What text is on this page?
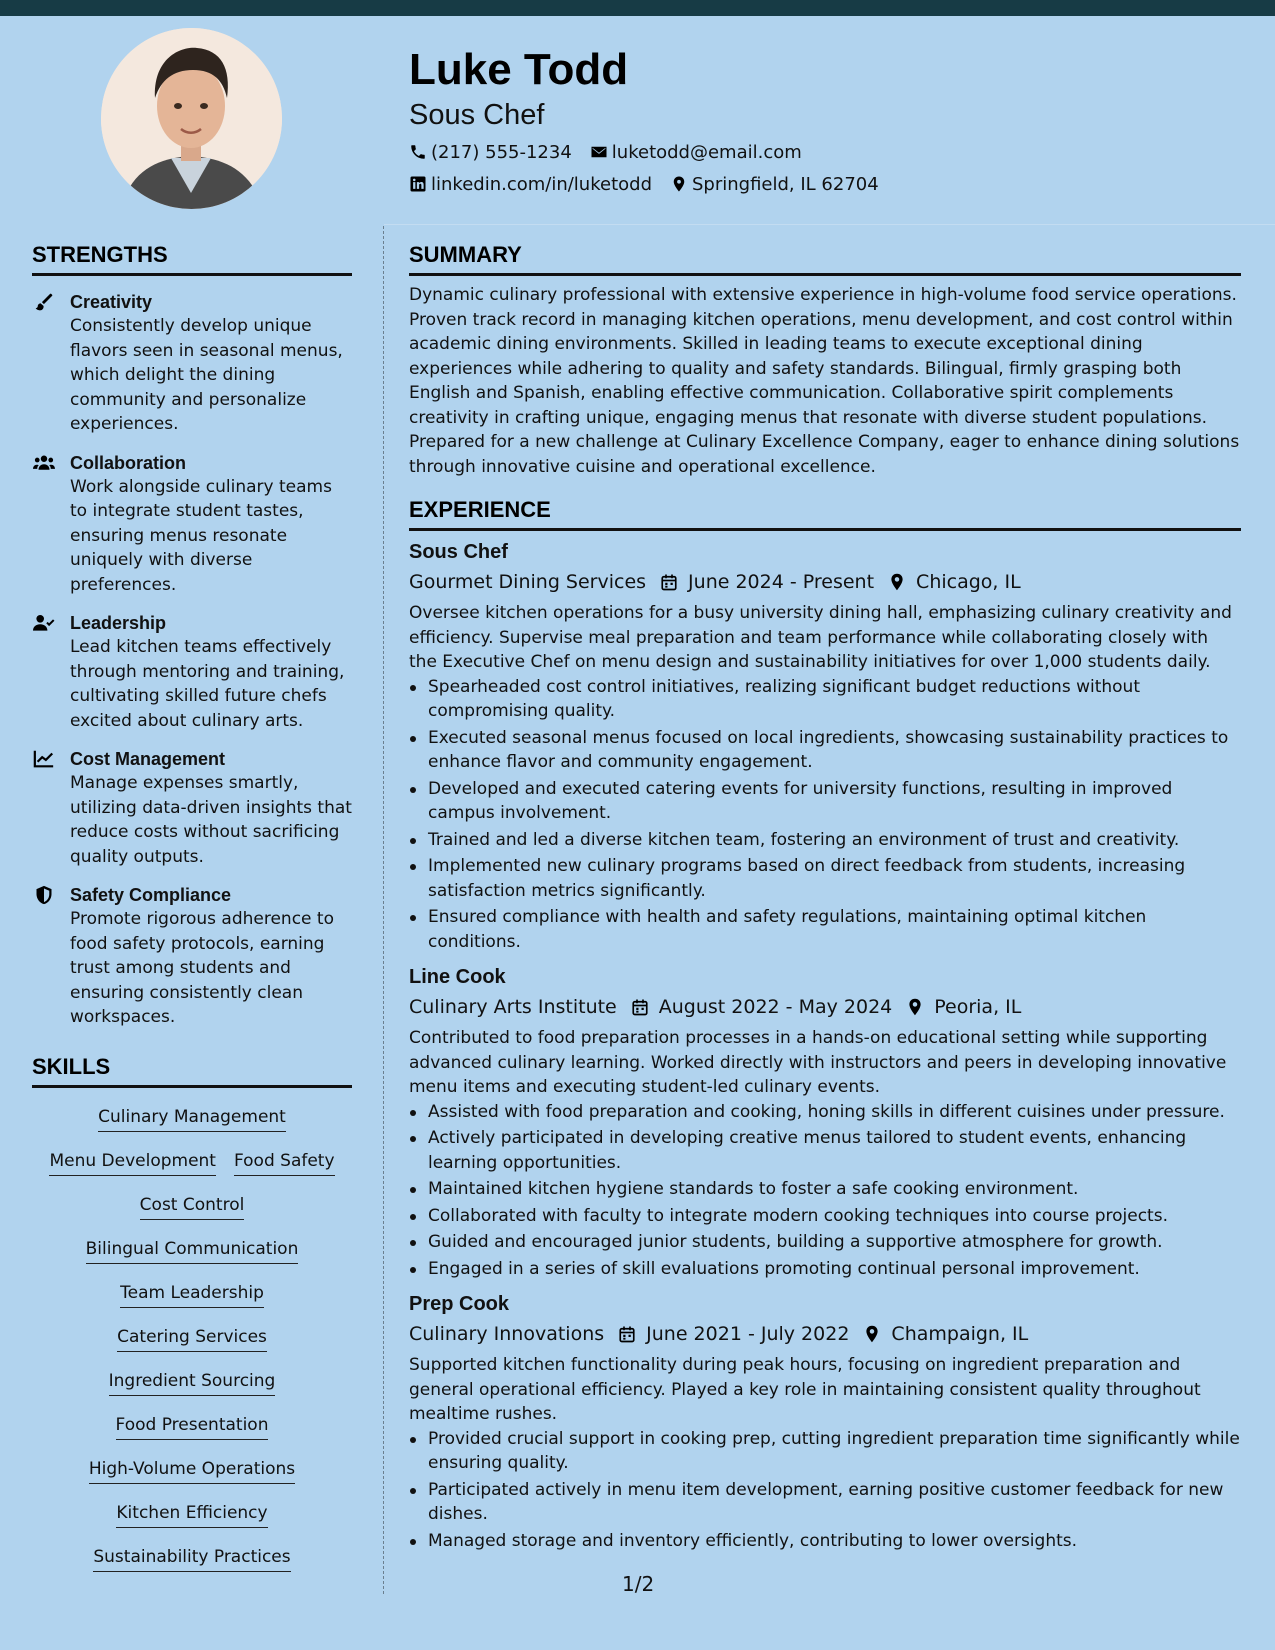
Luke Todd
Sous Chef
(217) 555-1234 luketodd@email.com
linkedin.com/in/luketodd Springfield, IL 62704
STRENGTHS
Creativity
Consistently develop unique flavors seen in seasonal menus, which delight the dining community and personalize experiences.
Collaboration
Work alongside culinary teams to integrate student tastes, ensuring menus resonate uniquely with diverse preferences.
Leadership
Lead kitchen teams effectively through mentoring and training, cultivating skilled future chefs excited about culinary arts.
Cost Management
Manage expenses smartly, utilizing data-driven insights that reduce costs without sacrificing quality outputs.
Safety Compliance
Promote rigorous adherence to food safety protocols, earning trust among students and ensuring consistently clean workspaces.
SKILLS
Culinary Management
Menu Development Food Safety
Cost Control
Bilingual Communication
Team Leadership
Catering Services
Ingredient Sourcing
Food Presentation
High-Volume Operations
Kitchen Efficiency
Sustainability Practices
SUMMARY
Dynamic culinary professional with extensive experience in high-volume food service operations. Proven track record in managing kitchen operations, menu development, and cost control within academic dining environments. Skilled in leading teams to execute exceptional dining experiences while adhering to quality and safety standards. Bilingual, firmly grasping both English and Spanish, enabling effective communication. Collaborative spirit complements creativity in crafting unique, engaging menus that resonate with diverse student populations. Prepared for a new challenge at Culinary Excellence Company, eager to enhance dining solutions through innovative cuisine and operational excellence.
EXPERIENCE
Sous Chef
Gourmet Dining Services June 2024 - Present Chicago, IL
Oversee kitchen operations for a busy university dining hall, emphasizing culinary creativity and efficiency. Supervise meal preparation and team performance while collaborating closely with the Executive Chef on menu design and sustainability initiatives for over 1,000 students daily.
Spearheaded cost control initiatives, realizing significant budget reductions without compromising quality.
Executed seasonal menus focused on local ingredients, showcasing sustainability practices to enhance flavor and community engagement.
Developed and executed catering events for university functions, resulting in improved campus involvement.
Trained and led a diverse kitchen team, fostering an environment of trust and creativity.
Implemented new culinary programs based on direct feedback from students, increasing satisfaction metrics significantly.
Ensured compliance with health and safety regulations, maintaining optimal kitchen conditions.
Line Cook
Culinary Arts Institute August 2022 - May 2024 Peoria, IL
Contributed to food preparation processes in a hands-on educational setting while supporting advanced culinary learning. Worked directly with instructors and peers in developing innovative menu items and executing student-led culinary events.
Assisted with food preparation and cooking, honing skills in different cuisines under pressure.
Actively participated in developing creative menus tailored to student events, enhancing learning opportunities.
Maintained kitchen hygiene standards to foster a safe cooking environment.
Collaborated with faculty to integrate modern cooking techniques into course projects.
Guided and encouraged junior students, building a supportive atmosphere for growth.
Engaged in a series of skill evaluations promoting continual personal improvement.
Prep Cook
Culinary Innovations June 2021 - July 2022 Champaign, IL
Supported kitchen functionality during peak hours, focusing on ingredient preparation and general operational efficiency. Played a key role in maintaining consistent quality throughout mealtime rushes.
Provided crucial support in cooking prep, cutting ingredient preparation time significantly while ensuring quality.
Participated actively in menu item development, earning positive customer feedback for new dishes.
Managed storage and inventory efficiently, contributing to lower oversights.
1/2
